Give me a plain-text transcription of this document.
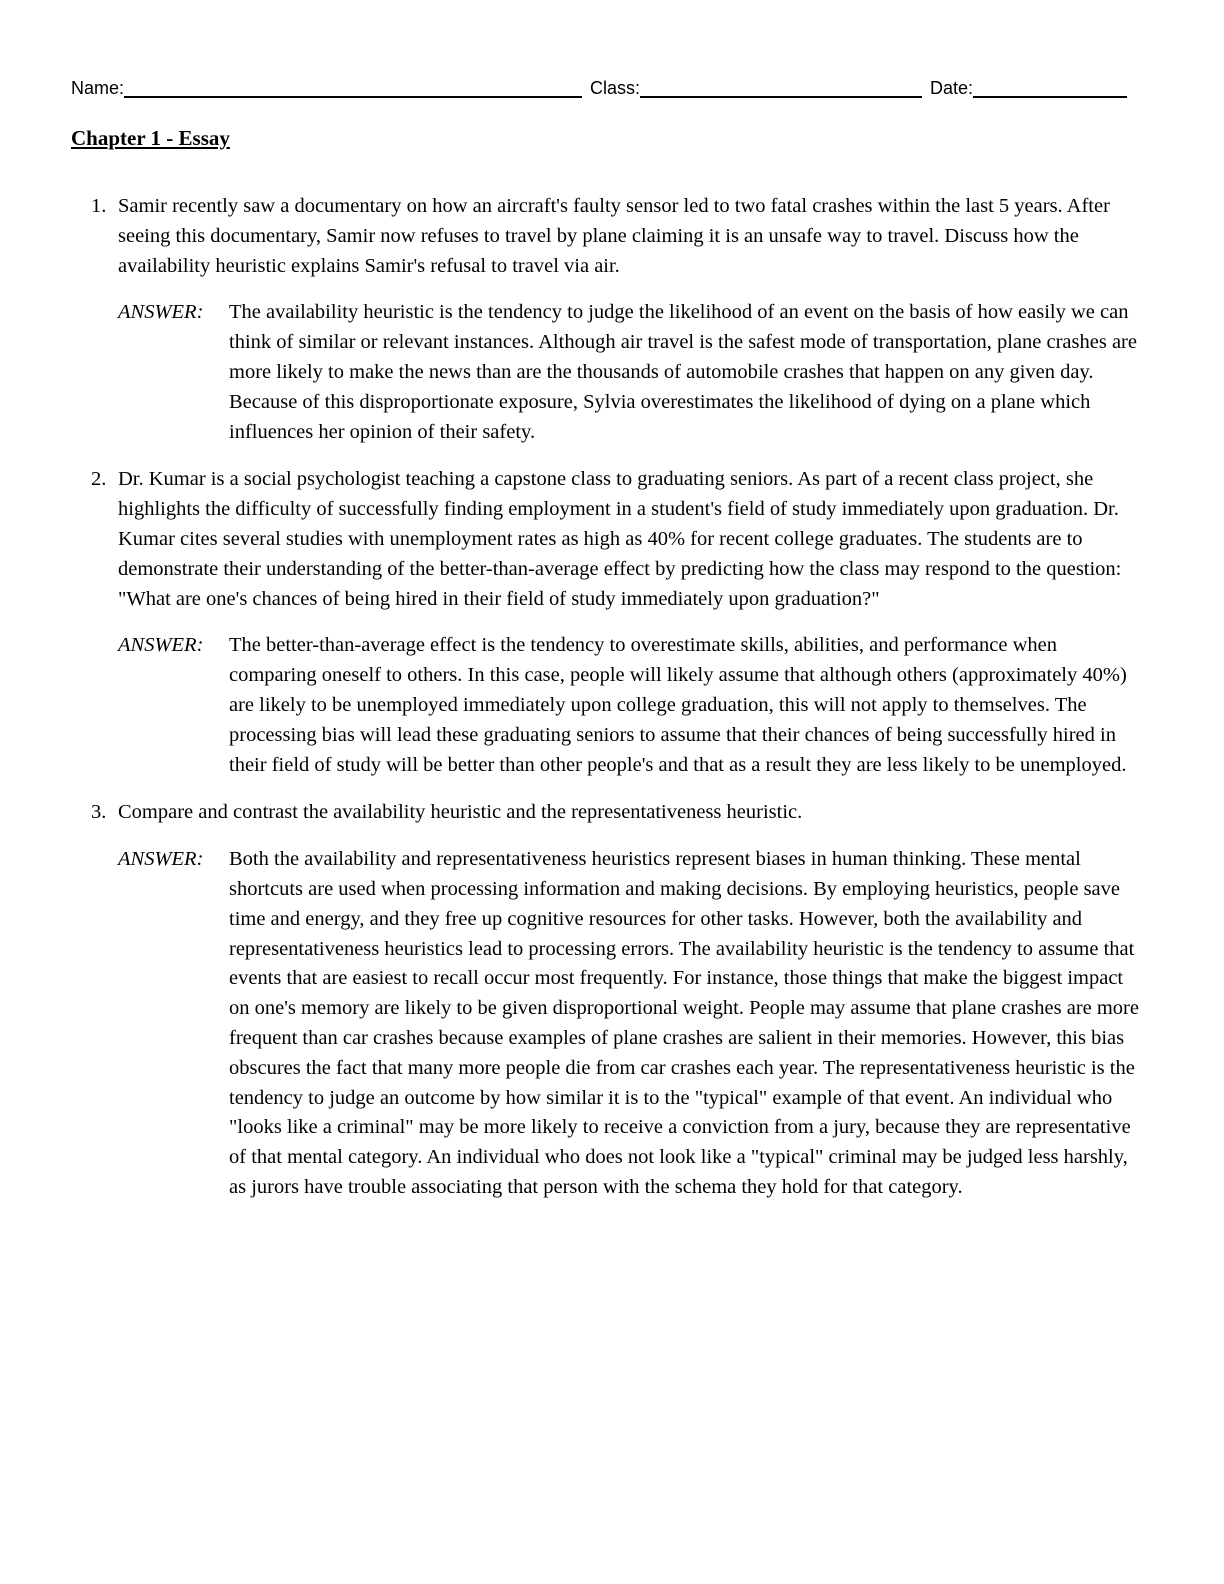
Name:	Class:	Date:
Chapter 1 - Essay
1. Samir recently saw a documentary on how an aircraft's faulty sensor led to two fatal crashes within the last 5 years. After seeing this documentary, Samir now refuses to travel by plane claiming it is an unsafe way to travel. Discuss how the availability heuristic explains Samir's refusal to travel via air.

ANSWER: The availability heuristic is the tendency to judge the likelihood of an event on the basis of how easily we can think of similar or relevant instances. Although air travel is the safest mode of transportation, plane crashes are more likely to make the news than are the thousands of automobile crashes that happen on any given day. Because of this disproportionate exposure, Sylvia overestimates the likelihood of dying on a plane which influences her opinion of their safety.

2. Dr. Kumar is a social psychologist teaching a capstone class to graduating seniors. As part of a recent class project, she highlights the difficulty of successfully finding employment in a student's field of study immediately upon graduation. Dr. Kumar cites several studies with unemployment rates as high as 40% for recent college graduates. The students are to demonstrate their understanding of the better-than-average effect by predicting how the class may respond to the question: "What are one's chances of being hired in their field of study immediately upon graduation?"

ANSWER: The better-than-average effect is the tendency to overestimate skills, abilities, and performance when comparing oneself to others. In this case, people will likely assume that although others (approximately 40%) are likely to be unemployed immediately upon college graduation, this will not apply to themselves. The processing bias will lead these graduating seniors to assume that their chances of being successfully hired in their field of study will be better than other people's and that as a result they are less likely to be unemployed.

3. Compare and contrast the availability heuristic and the representativeness heuristic.

ANSWER: Both the availability and representativeness heuristics represent biases in human thinking. These mental shortcuts are used when processing information and making decisions. By employing heuristics, people save time and energy, and they free up cognitive resources for other tasks. However, both the availability and representativeness heuristics lead to processing errors. The availability heuristic is the tendency to assume that events that are easiest to recall occur most frequently. For instance, those things that make the biggest impact on one's memory are likely to be given disproportional weight. People may assume that plane crashes are more frequent than car crashes because examples of plane crashes are salient in their memories. However, this bias obscures the fact that many more people die from car crashes each year. The representativeness heuristic is the tendency to judge an outcome by how similar it is to the "typical" example of that event. An individual who "looks like a criminal" may be more likely to receive a conviction from a jury, because they are representative of that mental category. An individual who does not look like a "typical" criminal may be judged less harshly, as jurors have trouble associating that person with the schema they hold for that category.
